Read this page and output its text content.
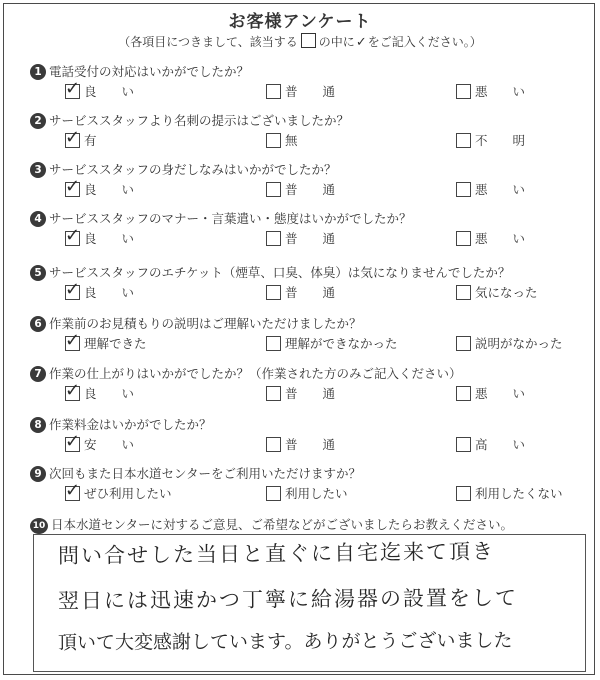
お客様アンケート
（各項目につきまして、該当する の中に✓をご記入ください。）
1 電話受付の対応はいかがでしたか？
✓ 良　　い	普　　通	悪　　い
2 サービススタッフより名刺の提示はございましたか？
✓ 有	無	不　　明
3 サービススタッフの身だしなみはいかがでしたか？
✓ 良　　い	普　　通	悪　　い
4 サービススタッフのマナー・言葉遣い・態度はいかがでしたか？
✓ 良　　い	普　　通	悪　　い
5 サービススタッフのエチケット（煙草、口臭、体臭）は気になりませんでしたか？
✓ 良　　い	普　　通	気になった
6 作業前のお見積もりの説明はご理解いただけましたか？
✓ 理解できた	理解ができなかった	説明がなかった
7 作業の仕上がりはいかがでしたか？（作業された方のみご記入ください）
✓ 良　　い	普　　通	悪　　い
8 作業料金はいかがでしたか？
✓ 安　　い	普　　通	高　　い
9 次回もまた日本水道センターをご利用いただけますか？
✓ ぜひ利用したい	利用したい	利用したくない
10 日本水道センターに対するご意見、ご希望などがございましたらお教えください。
問い合せした当日と直ぐに自宅迄来て頂き
翌日には迅速かつ丁寧に給湯器の設置をして
頂いて大変感謝しています。ありがとうございました
